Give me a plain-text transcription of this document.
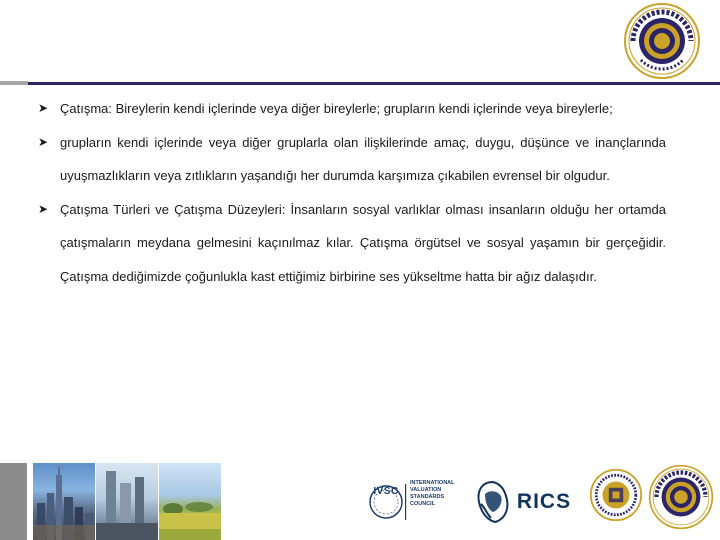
➤ Çatışma: Bireylerin kendi içlerinde veya diğer bireylerle; grupların kendi içlerinde veya bireylerle;
➤ grupların kendi içlerinde veya diğer gruplarla olan ilişkilerinde amaç, duygu, düşünce ve inançlarında uyuşmazlıkların veya zıtlıkların yaşandığı her durumda karşımıza çıkabilen evrensel bir olgudur.
➤ Çatışma Türleri ve Çatışma Düzeyleri: İnsanların sosyal varlıklar olması insanların olduğu her ortamda çatışmaların meydana gelmesini kaçınılmaz kılar. Çatışma örgütsel ve sosyal yaşamın bir gerçeğidir. Çatışma dediğimizde çoğunlukla kast ettiğimiz birbirine ses yükseltme hatta bir ağız dalaşıdır.
IVSC
INTERNATIONAL
VALUATION
STANDARDS
COUNCIL	RICS
